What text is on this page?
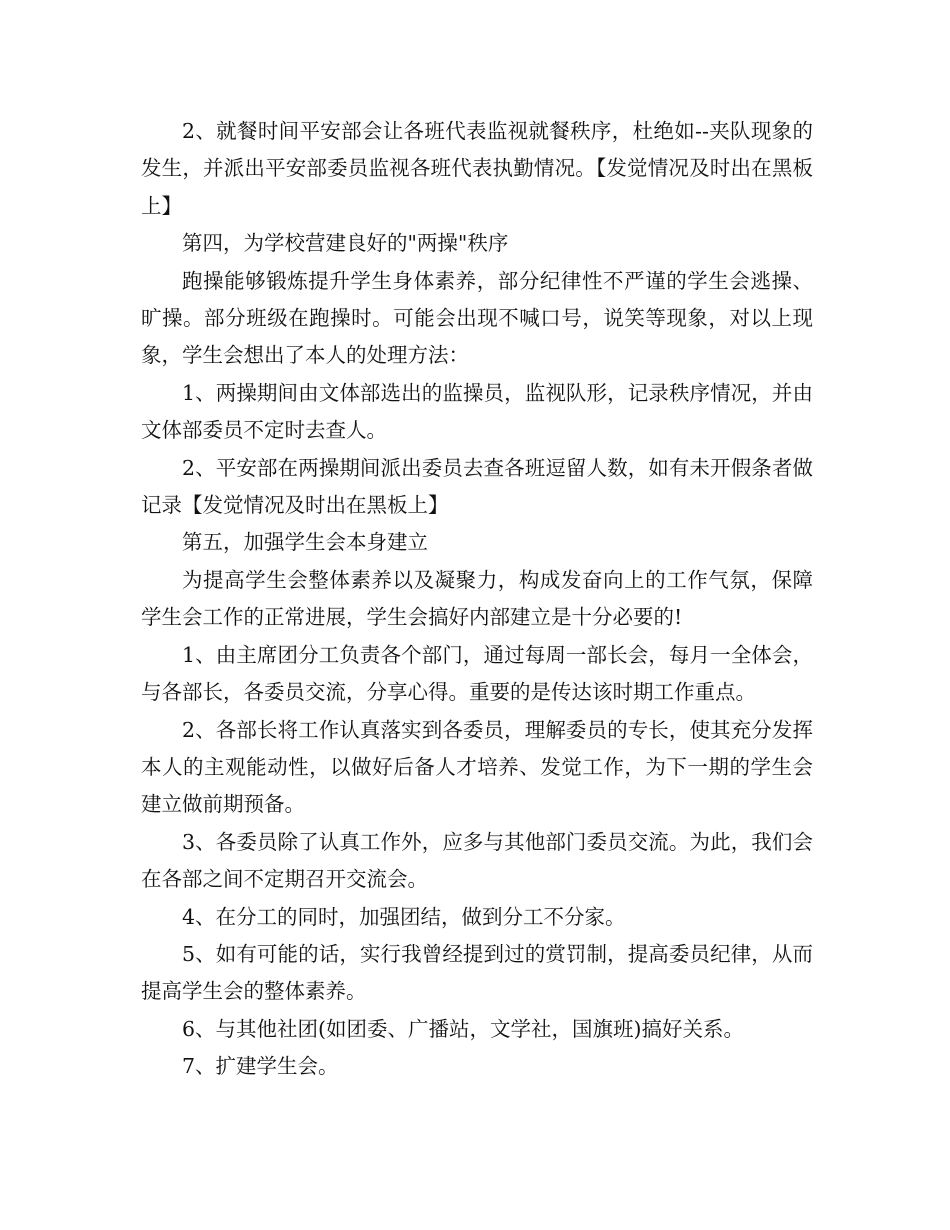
2、就餐时间平安部会让各班代表监视就餐秩序，杜绝如--夹队现象的发生，并派出平安部委员监视各班代表执勤情况。【发觉情况及时出在黑板上】

第四，为学校营建良好的"两操"秩序

跑操能够锻炼提升学生身体素养，部分纪律性不严谨的学生会逃操、旷操。部分班级在跑操时。可能会出现不喊口号，说笑等现象，对以上现象，学生会想出了本人的处理方法：

1、两操期间由文体部选出的监操员，监视队形，记录秩序情况，并由文体部委员不定时去查人。

2、平安部在两操期间派出委员去查各班逗留人数，如有未开假条者做记录【发觉情况及时出在黑板上】

第五，加强学生会本身建立

为提高学生会整体素养以及凝聚力，构成发奋向上的工作气氛，保障学生会工作的正常进展，学生会搞好内部建立是十分必要的!

1、由主席团分工负责各个部门，通过每周一部长会，每月一全体会，与各部长，各委员交流，分享心得。重要的是传达该时期工作重点。

2、各部长将工作认真落实到各委员，理解委员的专长，使其充分发挥本人的主观能动性，以做好后备人才培养、发觉工作，为下一期的学生会建立做前期预备。

3、各委员除了认真工作外，应多与其他部门委员交流。为此，我们会在各部之间不定期召开交流会。

4、在分工的同时，加强团结，做到分工不分家。

5、如有可能的话，实行我曾经提到过的赏罚制，提高委员纪律，从而提高学生会的整体素养。

6、与其他社团(如团委、广播站，文学社，国旗班)搞好关系。

7、扩建学生会。
